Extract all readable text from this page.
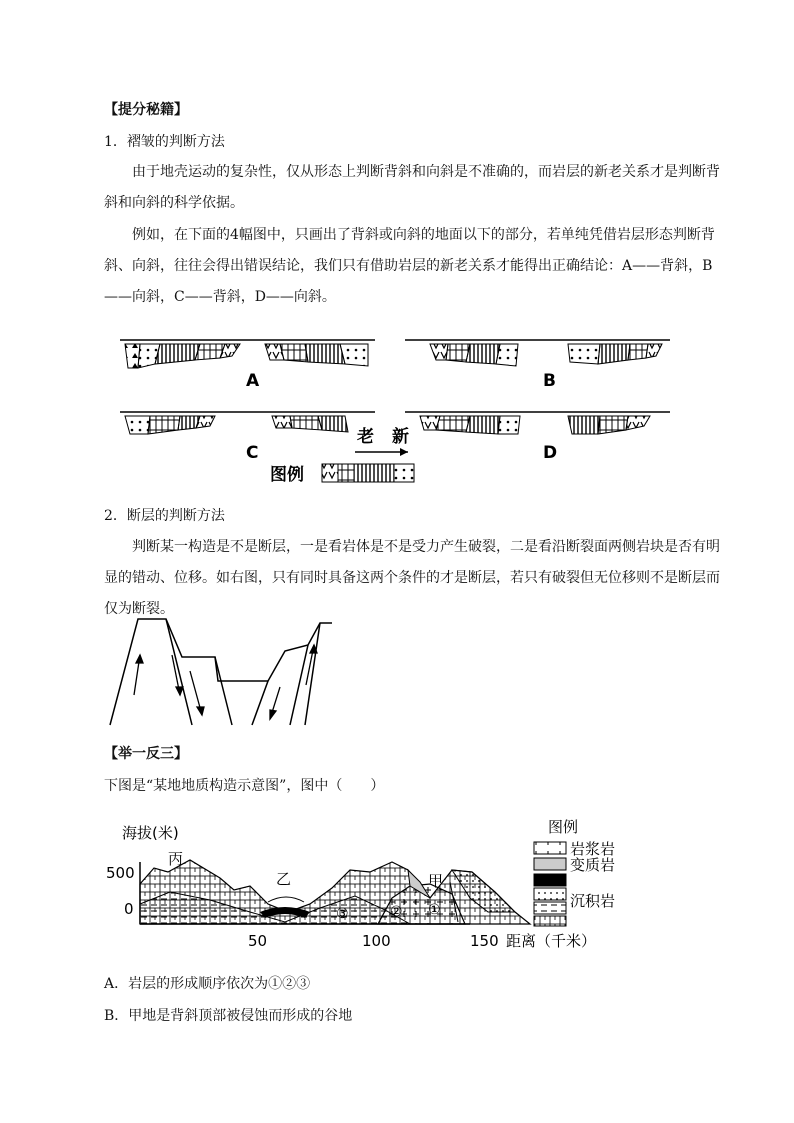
【提分秘籍】
1．褶皱的判断方法
由于地壳运动的复杂性，仅从形态上判断背斜和向斜是不准确的，而岩层的新老关系才是判断背斜和向斜的科学依据。
例如，在下面的4幅图中，只画出了背斜或向斜的地面以下的部分，若单纯凭借岩层形态判断背斜、向斜，往往会得出错误结论，我们只有借助岩层的新老关系才能得出正确结论：A——背斜，B——向斜，C——背斜，D——向斜。
A	B
C	D
老 新
图例
2．断层的判断方法
判断某一构造是不是断层，一是看岩体是不是受力产生破裂，二是看沿断裂面两侧岩块是否有明显的错动、位移。如右图，只有同时具备这两个条件的才是断层，若只有破裂但无位移则不是断层而仅为断裂。
【举一反三】
下图是“某地地质构造示意图”，图中（　　）
海拔(米)
500
0
50	100	150 距离（千米）
丙
乙	甲
①
②
③
图例
岩浆岩
变质岩
沉积岩
A．岩层的形成顺序依次为①②③
B．甲地是背斜顶部被侵蚀而形成的谷地
